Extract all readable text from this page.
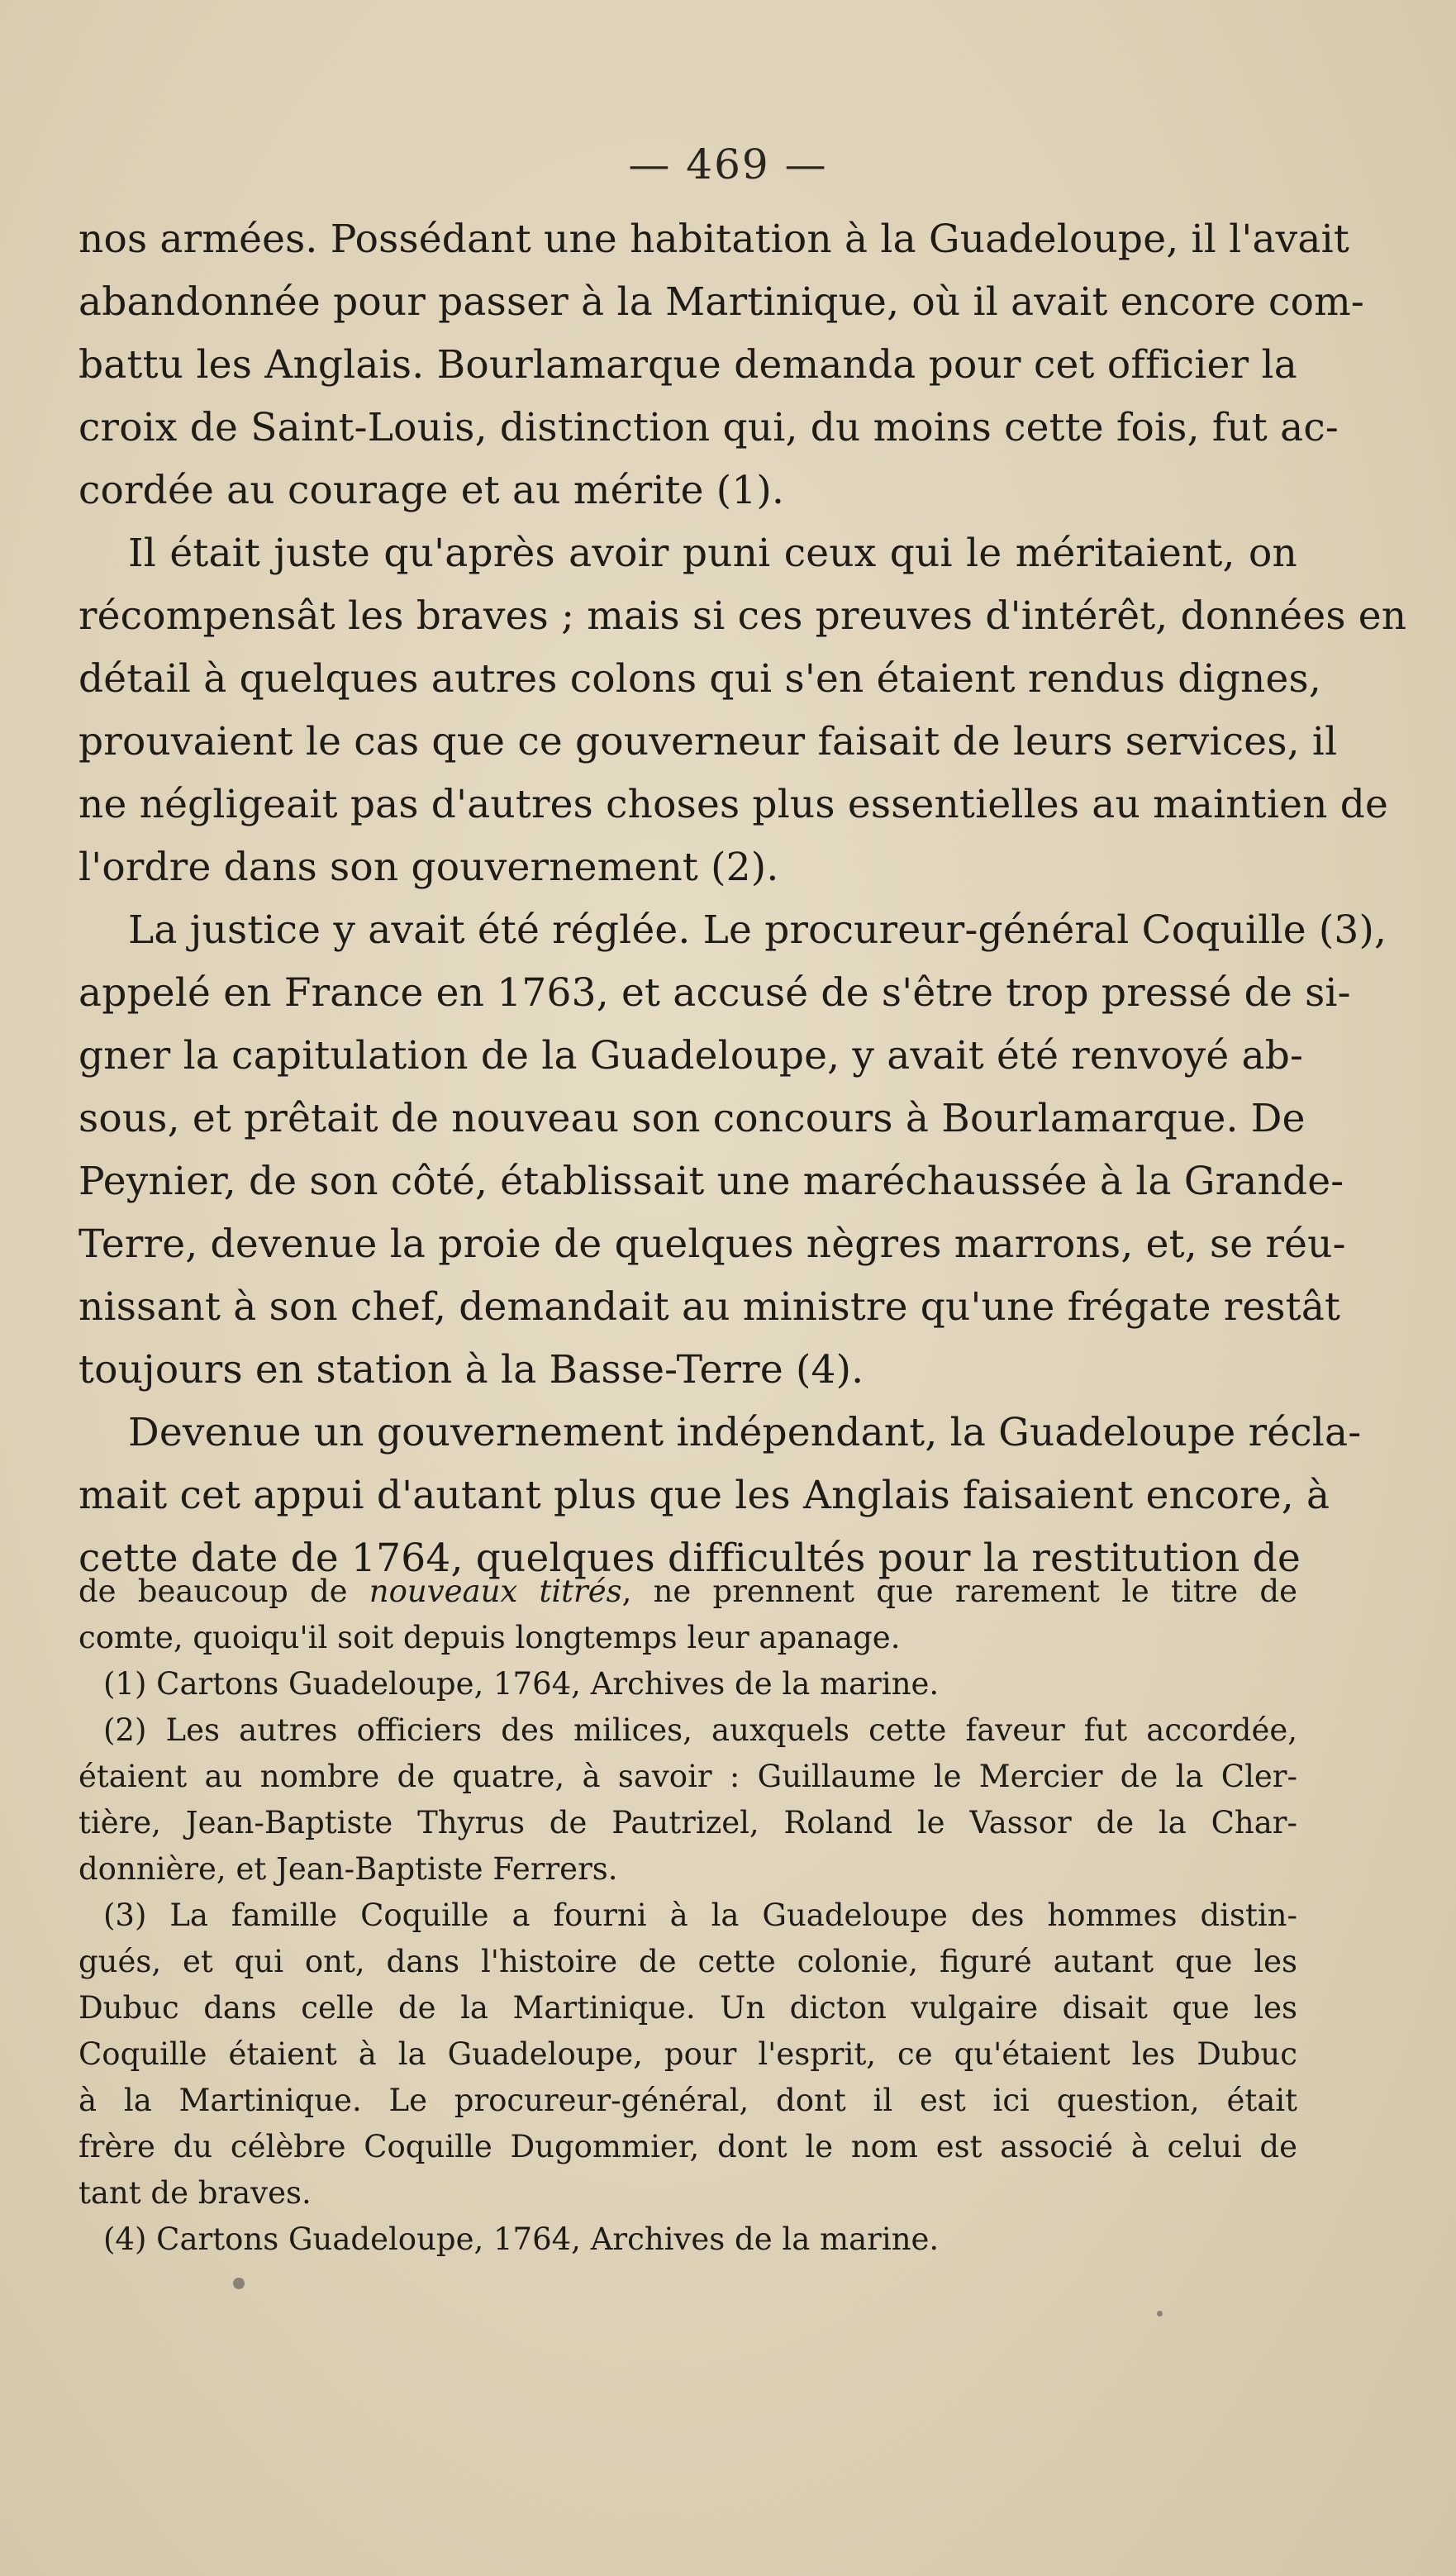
— 469 —
nos armées. Possédant une habitation à la Guadeloupe, il l'avait
abandonnée pour passer à la Martinique, où il avait encore com-
battu les Anglais. Bourlamarque demanda pour cet officier la
croix de Saint-Louis, distinction qui, du moins cette fois, fut ac-
cordée au courage et au mérite (1).
Il était juste qu'après avoir puni ceux qui le méritaient, on
récompensât les braves ; mais si ces preuves d'intérêt, données en
détail à quelques autres colons qui s'en étaient rendus dignes,
prouvaient le cas que ce gouverneur faisait de leurs services, il
ne négligeait pas d'autres choses plus essentielles au maintien de
l'ordre dans son gouvernement (2).
La justice y avait été réglée. Le procureur-général Coquille (3),
appelé en France en 1763, et accusé de s'être trop pressé de si-
gner la capitulation de la Guadeloupe, y avait été renvoyé ab-
sous, et prêtait de nouveau son concours à Bourlamarque. De
Peynier, de son côté, établissait une maréchaussée à la Grande-
Terre, devenue la proie de quelques nègres marrons, et, se réu-
nissant à son chef, demandait au ministre qu'une frégate restât
toujours en station à la Basse-Terre (4).
Devenue un gouvernement indépendant, la Guadeloupe récla-
mait cet appui d'autant plus que les Anglais faisaient encore, à
cette date de 1764, quelques difficultés pour la restitution de
de beaucoup de nouveaux titrés, ne prennent que rarement le titre de
comte, quoiqu'il soit depuis longtemps leur apanage.
(1) Cartons Guadeloupe, 1764, Archives de la marine.
(2) Les autres officiers des milices, auxquels cette faveur fut accordée,
étaient au nombre de quatre, à savoir : Guillaume le Mercier de la Cler-
tière, Jean-Baptiste Thyrus de Pautrizel, Roland le Vassor de la Char-
donnière, et Jean-Baptiste Ferrers.
(3) La famille Coquille a fourni à la Guadeloupe des hommes distin-
gués, et qui ont, dans l'histoire de cette colonie, figuré autant que les
Dubuc dans celle de la Martinique. Un dicton vulgaire disait que les
Coquille étaient à la Guadeloupe, pour l'esprit, ce qu'étaient les Dubuc
à la Martinique. Le procureur-général, dont il est ici question, était
frère du célèbre Coquille Dugommier, dont le nom est associé à celui de
tant de braves.
(4) Cartons Guadeloupe, 1764, Archives de la marine.
